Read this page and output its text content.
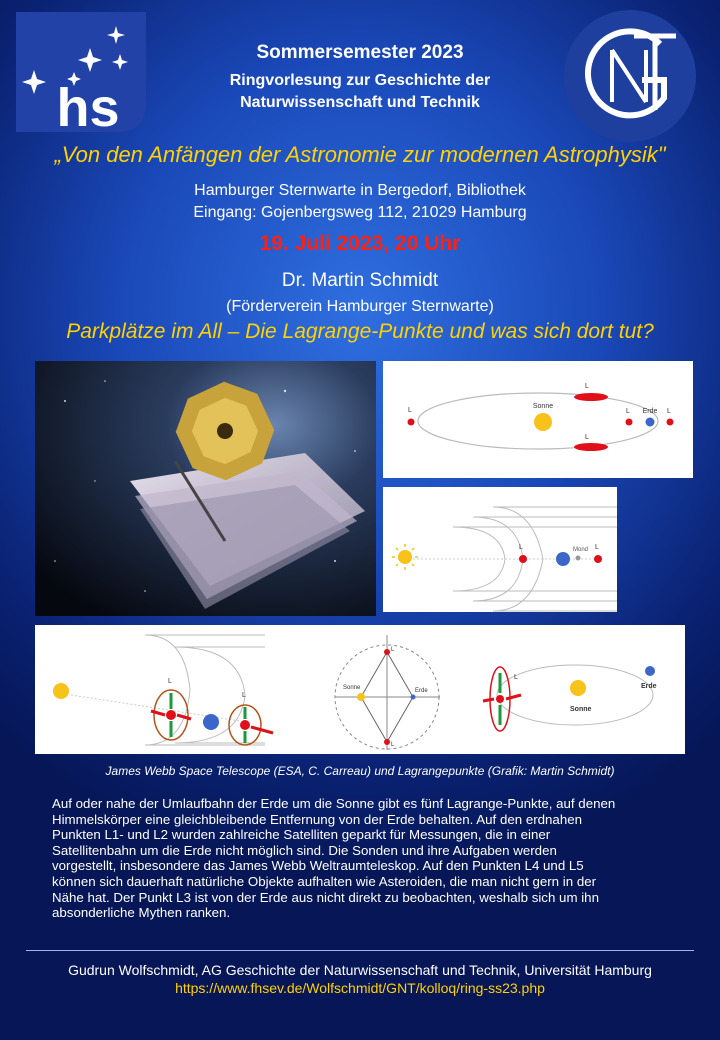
hs
GNT
Sommersemester 2023
Ringvorlesung zur Geschichte der
Naturwissenschaft und Technik
„Von den Anfängen der Astronomie zur modernen Astrophysik"
Hamburger Sternwarte in Bergedorf, Bibliothek
Eingang: Gojenbergsweg 112, 21029 Hamburg
19. Juli 2023, 20 Uhr
Dr. Martin Schmidt
(Förderverein Hamburger Sternwarte)
Parkplätze im All – Die Lagrange-Punkte und was sich dort tut?
Sonne
Erde
L	L	L
L
L
L	Mond L
L
L
Sonne	Erde
L
L
Sonne
Erde
L
James Webb Space Telescope (ESA, C. Carreau) und Lagrangepunkte (Grafik: Martin Schmidt)
Auf oder nahe der Umlaufbahn der Erde um die Sonne gibt es fünf Lagrange-Punkte, auf denen
Himmelskörper eine gleichbleibende Entfernung von der Erde behalten. Auf den erdnahen
Punkten L1- und L2 wurden zahlreiche Satelliten geparkt für Messungen, die in einer
Satellitenbahn um die Erde nicht möglich sind. Die Sonden und ihre Aufgaben werden
vorgestellt, insbesondere das James Webb Weltraumteleskop. Auf den Punkten L4 und L5
können sich dauerhaft natürliche Objekte aufhalten wie Asteroiden, die man nicht gern in der
Nähe hat. Der Punkt L3 ist von der Erde aus nicht direkt zu beobachten, weshalb sich um ihn
absonderliche Mythen ranken.
Gudrun Wolfschmidt, AG Geschichte der Naturwissenschaft und Technik, Universität Hamburg
https://www.fhsev.de/Wolfschmidt/GNT/kolloq/ring-ss23.php
